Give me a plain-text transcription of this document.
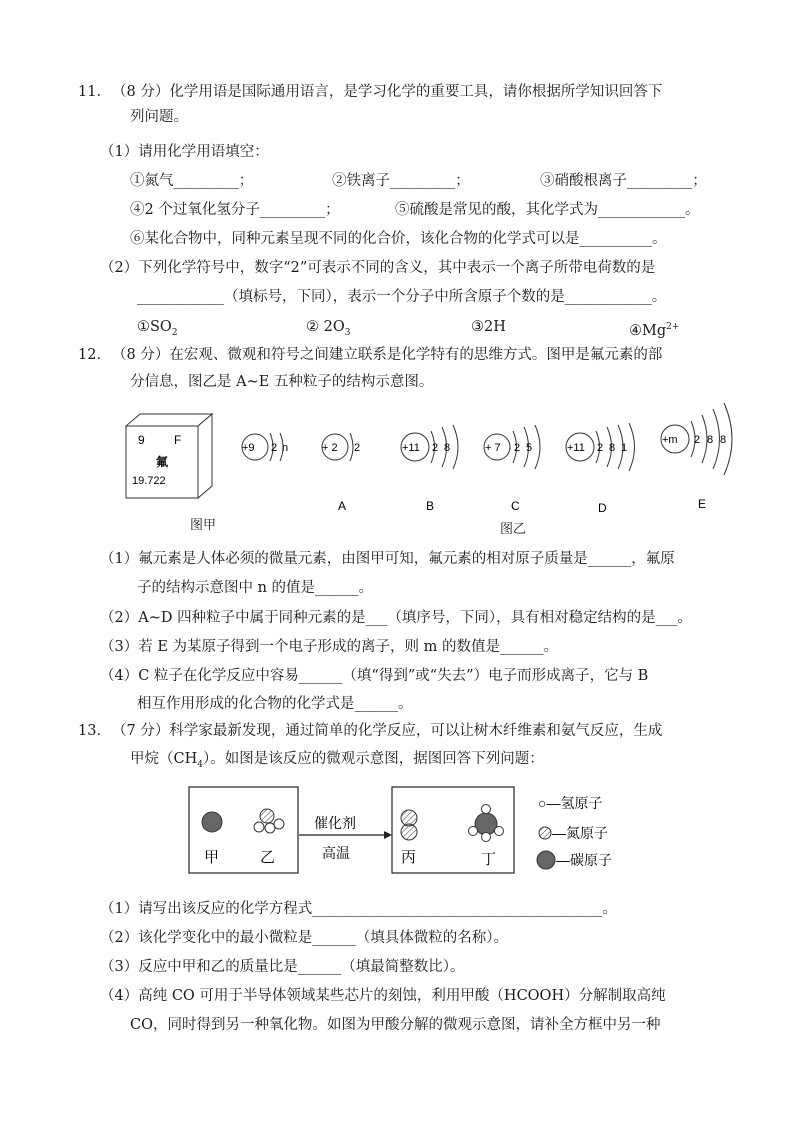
11． （8 分）化学用语是国际通用语言，是学习化学的重要工具，请你根据所学知识回答下
列问题。
（1）请用化学用语填空：
①氮气_________；	②铁离子_________；	③硝酸根离子_________；
④2 个过氧化氢分子_________；	⑤硫酸是常见的酸，其化学式为____________。
⑥某化合物中，同种元素呈现不同的化合价，该化合物的化学式可以是__________。
（2）下列化学符号中，数字“2”可表示不同的含义，其中表示一个离子所带电荷数的是
____________（填标号，下同），表示一个分子中所含原子个数的是____________。
$①SO_2$	② $2O_3$	③2H	$④Mg^{2+}$
12． （8 分）在宏观、微观和符号之间建立联系是化学特有的思维方式。图甲是氟元素的部
分信息，图乙是 A~E 五种粒子的结构示意图。
9 F
氟
19.722
图甲
+9 2 n	+ 2 2
A
+11 2 8
B
+ 7 2 5
C
+11 2 8 1
D
+m 2 8 8
E
图乙
（1）氟元素是人体必须的微量元素，由图甲可知，氟元素的相对原子质量是______，氟原
子的结构示意图中 n 的值是______。
（2）A~D 四种粒子中属于同种元素的是___（填序号，下同），具有相对稳定结构的是___。
（3）若 E 为某原子得到一个电子形成的离子，则 m 的数值是______。
（4）C 粒子在化学反应中容易______（填“得到”或“失去”）电子而形成离子，它与 B
相互作用形成的化合物的化学式是______。
13． （7 分）科学家最新发现，通过简单的化学反应，可以让树木纤维素和氨气反应，生成
甲烷$(CH_4)$。如图是该反应的微观示意图，据图回答下列问题：
甲	乙
催化剂
高温	丙	丁
○—氢原子
—氮原子
—碳原子
（1）请写出该反应的化学方程式________________________________________。
（2）该化学变化中的最小微粒是______（填具体微粒的名称）。
（3）反应中甲和乙的质量比是______（填最简整数比）。
（4）高纯 CO 可用于半导体领域某些芯片的刻蚀，利用甲酸（HCOOH）分解制取高纯
CO，同时得到另一种氧化物。如图为甲酸分解的微观示意图，请补全方框中另一种
